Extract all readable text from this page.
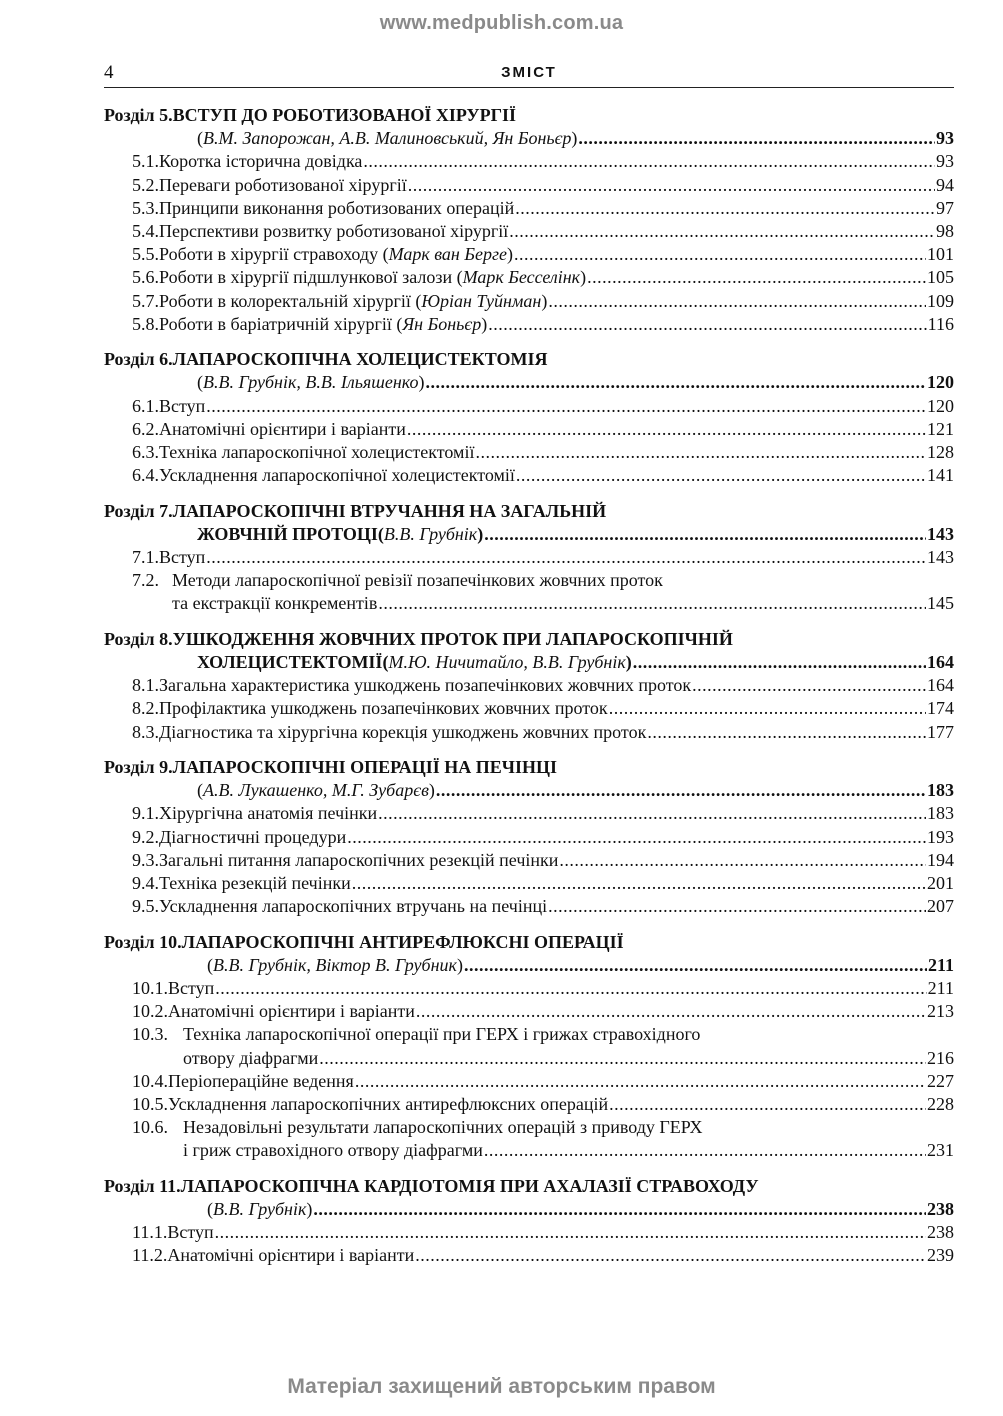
www.medpublish.com.ua
4	ЗМІСТ
Розділ 5. ВСТУП ДО РОБОТИЗОВАНОЇ ХІРУРГІЇ
( В.М. Запорожан, А.В. Малиновський, Ян Боньєр ) .....	93
5.1. Коротка історична довідка .....	93
5.2. Переваги роботизованої хірургії .....	94
5.3. Принципи виконання роботизованих операцій .....	97
5.4. Перспективи розвитку роботизованої хірургії .....	98
5.5. Роботи в хірургії стравоходу ( Марк ван Берге ) .....	101
5.6. Роботи в хірургії підшлункової залози ( Марк Бесселінк ) .....	105
5.7. Роботи в колоректальній хірургії ( Юріан Туйнман ) .....	109
5.8. Роботи в баріатричній хірургії ( Ян Боньєр ) .....	116
Розділ 6. ЛАПАРОСКОПІЧНА ХОЛЕЦИСТЕКТОМІЯ
( В.В. Грубнік, В.В. Ільяшенко ) .....	120
6.1. Вступ .....	120
6.2. Анатомічні орієнтири і варіанти .....	121
6.3. Техніка лапароскопічної холецистектомії .....	128
6.4. Ускладнення лапароскопічної холецистектомії .....	141
Розділ 7. ЛАПАРОСКОПІЧНІ ВТРУЧАННЯ НА ЗАГАЛЬНІЙ
ЖОВЧНІЙ ПРОТОЦІ ( В.В. Грубнік ) .....	143
7.1. Вступ .....	143
7.2. Методи лапароскопічної ревізії позапечінкових жовчних проток
та екстракції конкрементів .....	145
Розділ 8. УШКОДЖЕННЯ ЖОВЧНИХ ПРОТОК ПРИ ЛАПАРОСКОПІЧНІЙ
ХОЛЕЦИСТЕКТОМІЇ ( М.Ю. Ничитайло, В.В. Грубнік ) .....	164
8.1. Загальна характеристика ушкоджень позапечінкових жовчних проток .....	164
8.2. Профілактика ушкоджень позапечінкових жовчних проток .....	174
8.3. Діагностика та хірургічна корекція ушкоджень жовчних проток .....	177
Розділ 9. ЛАПАРОСКОПІЧНІ ОПЕРАЦІЇ НА ПЕЧІНЦІ
( А.В. Лукашенко, М.Г. Зубарєв ) .....	183
9.1. Хірургічна анатомія печінки .....	183
9.2. Діагностичні процедури .....	193
9.3. Загальні питання лапароскопічних резекцій печінки .....	194
9.4. Техніка резекцій печінки .....	201
9.5. Ускладнення лапароскопічних втручань на печінці .....	207
Розділ 10. ЛАПАРОСКОПІЧНІ АНТИРЕФЛЮКСНІ ОПЕРАЦІЇ
( В.В. Грубнік, Віктор В. Грубник ) .....	211
10.1. Вступ .....	211
10.2. Анатомічні орієнтири і варіанти .....	213
10.3. Техніка лапароскопічної операції при ГЕРХ і грижах стравохідного
отвору діафрагми .....	216
10.4. Періопераційне ведення .....	227
10.5. Ускладнення лапароскопічних антирефлюксних операцій .....	228
10.6. Незадовільні результати лапароскопічних операцій з приводу ГЕРХ
і гриж стравохідного отвору діафрагми .....	231
Розділ 11. ЛАПАРОСКОПІЧНА КАРДІОТОМІЯ ПРИ АХАЛАЗІЇ СТРАВОХОДУ
( В.В. Грубнік ) .....	238
11.1. Вступ .....	238
11.2. Анатомічні орієнтири і варіанти .....	239
Матеріал захищений авторським правом
